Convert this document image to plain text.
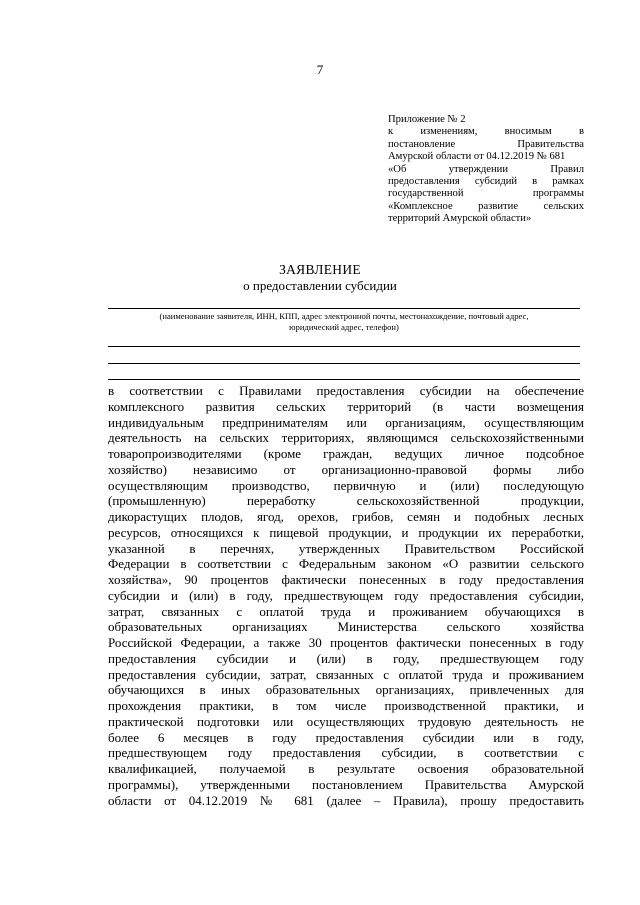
7
Приложение № 2
к изменениям, вносимым в
постановление Правительства
Амурской области от 04.12.2019 № 681
«Об утверждении Правил
предоставления субсидий в рамках
государственной программы
«Комплексное развитие сельских
территорий Амурской области»
ЗАЯВЛЕНИЕ
о предоставлении субсидии
(наименование заявителя, ИНН, КПП, адрес электронной почты, местонахождение, почтовый адрес,
юридический адрес, телефон)
в соответствии с Правилами предоставления субсидии на обеспечение
комплексного развития сельских территорий (в части возмещения
индивидуальным предпринимателям или организациям, осуществляющим
деятельность на сельских территориях, являющимся сельскохозяйственными
товаропроизводителями (кроме граждан, ведущих личное подсобное
хозяйство) независимо от организационно-правовой формы либо
осуществляющим производство, первичную и (или) последующую
(промышленную) переработку сельскохозяйственной продукции,
дикорастущих плодов, ягод, орехов, грибов, семян и подобных лесных
ресурсов, относящихся к пищевой продукции, и продукции их переработки,
указанной в перечнях, утвержденных Правительством Российской
Федерации в соответствии с Федеральным законом «О развитии сельского
хозяйства», 90 процентов фактически понесенных в году предоставления
субсидии и (или) в году, предшествующем году предоставления субсидии,
затрат, связанных с оплатой труда и проживанием обучающихся в
образовательных организациях Министерства сельского хозяйства
Российской Федерации, а также 30 процентов фактически понесенных в году
предоставления субсидии и (или) в году, предшествующем году
предоставления субсидии, затрат, связанных с оплатой труда и проживанием
обучающихся в иных образовательных организациях, привлеченных для
прохождения практики, в том числе производственной практики, и
практической подготовки или осуществляющих трудовую деятельность не
более 6 месяцев в году предоставления субсидии или в году,
предшествующем году предоставления субсидии, в соответствии с
квалификацией, получаемой в результате освоения образовательной
программы), утвержденными постановлением Правительства Амурской
области от 04.12.2019 № 681 (далее – Правила), прошу предоставить
